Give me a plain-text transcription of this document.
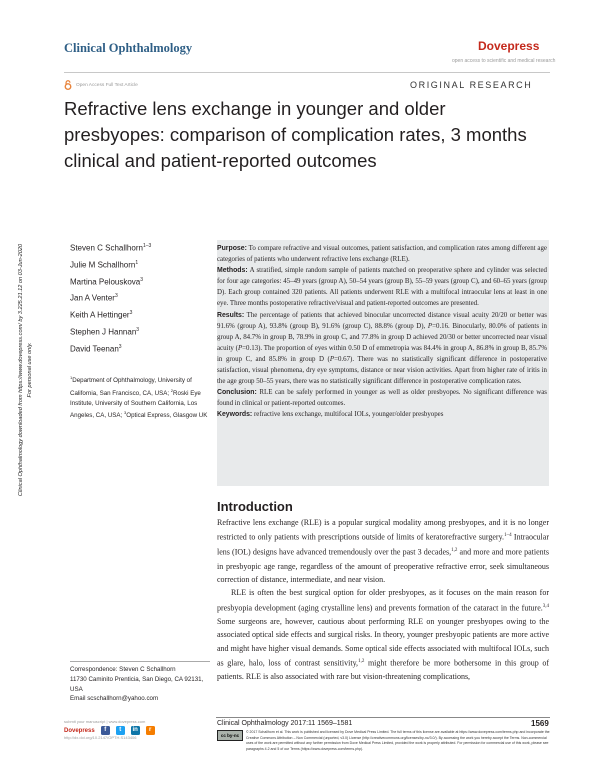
Clinical Ophthalmology	Dovepress
open access to scientific and medical research
Open Access Full Text Article	ORIGINAL RESEARCH
Refractive lens exchange in younger and older presbyopes: comparison of complication rates, 3 months clinical and patient-reported outcomes
Clinical Ophthalmology downloaded from https://www.dovepress.com/ by 3.225.21.12 on 03-Jun-2020 For personal use only.
Steven C Schallhorn$^{1-3}$
Julie M Schallhorn$^1$
Martina Pelouskova$^3$
Jan A Venter$^3$
Keith A Hettinger$^3$
Stephen J Hannan$^3$
David Teenan$^3$
$^1$Department of Ophthalmology, University of California, San Francisco, CA, USA; $^2$Roski Eye Institute, University of Southern California, Los Angeles, CA, USA; $^3$Optical Express, Glasgow UK

Purpose: To compare refractive and visual outcomes, patient satisfaction, and complication rates among different age categories of patients who underwent refractive lens exchange (RLE).

Methods: A stratified, simple random sample of patients matched on preoperative sphere and cylinder was selected for four age categories: 45–49 years (group A), 50–54 years (group B), 55–59 years (group C), and 60–65 years (group D). Each group contained 320 patients. All patients underwent RLE with a multifocal intraocular lens at least in one eye. Three months postoperative refractive/visual and patient-reported outcomes are presented.

Results: The percentage of patients that achieved binocular uncorrected distance visual acuity 20/20 or better was 91.6% (group A), 93.8% (group B), 91.6% (group C), 88.8% (group D), P=0.16. Binocularly, 80.0% of patients in group A, 84.7% in group B, 78.9% in group C, and 77.8% in group D achieved 20/30 or better uncorrected near visual acuity (P=0.13). The proportion of eyes within 0.50 D of emmetropia was 84.4% in group A, 86.8% in group B, 85.7% in group C, and 85.8% in group D (P=0.67). There was no statistically significant difference in postoperative satisfaction, visual phenomena, dry eye symptoms, distance or near vision activities. Apart from higher rate of iritis in the age group 50–55 years, there was no statistically significant difference in postoperative complication rates.

Conclusion: RLE can be safely performed in younger as well as older presbyopes. No significant difference was found in clinical or patient-reported outcomes.

Keywords: refractive lens exchange, multifocal IOLs, younger/older presbyopes

Introduction

Refractive lens exchange (RLE) is a popular surgical modality among presbyopes, and it is no longer restricted to only patients with prescriptions outside of limits of keratorefractive surgery.$^{1-4}$ Intraocular lens (IOL) designs have advanced tremendously over the past 3 decades,$^{1,2}$ and more and more patients in presbyopic age range, regardless of the amount of preoperative refractive error, seek simultaneous correction of distance, intermediate, and near vision.

RLE is often the best surgical option for older presbyopes, as it focuses on the main reason for presbyopia development (aging crystalline lens) and prevents formation of the cataract in the future.$^{3,4}$ Some surgeons are, however, cautious about performing RLE on younger presbyopes owing to the associated optical side effects and surgical risks. In theory, younger presbyopic patients are more active and might have higher visual demands. Some optical side effects associated with multifocal IOLs, such as glare, halo, loss of contrast sensitivity,$^{1,2}$ might therefore be more bothersome in this group of patients. RLE is also associated with rare but vision-threatening complications,

Correspondence: Steven C Schallhorn
11730 Caminito Prenticia, San Diego, CA 92131, USA
Email scschallhorn@yahoo.com
submit your manuscript | www.dovepress.com
Dovepress	f	t	in	r
http://dx.doi.org/10.2147/OPTH.S143406
Clinical Ophthalmology 2017:11 1569–1581	1569
cc by-nc
© 2017 Schallhorn et al. This work is published and licensed by Dove Medical Press Limited. The full terms of this license are available at https://www.dovepress.com/terms.php and incorporate the Creative Commons Attribution – Non Commercial (unported, v3.0) License (http://creativecommons.org/licenses/by-nc/3.0/). By accessing the work you hereby accept the Terms. Non-commercial uses of the work are permitted without any further permission from Dove Medical Press Limited, provided the work is properly attributed. For permission for commercial use of this work, please see paragraphs 4.2 and 5 of our Terms (https://www.dovepress.com/terms.php).
